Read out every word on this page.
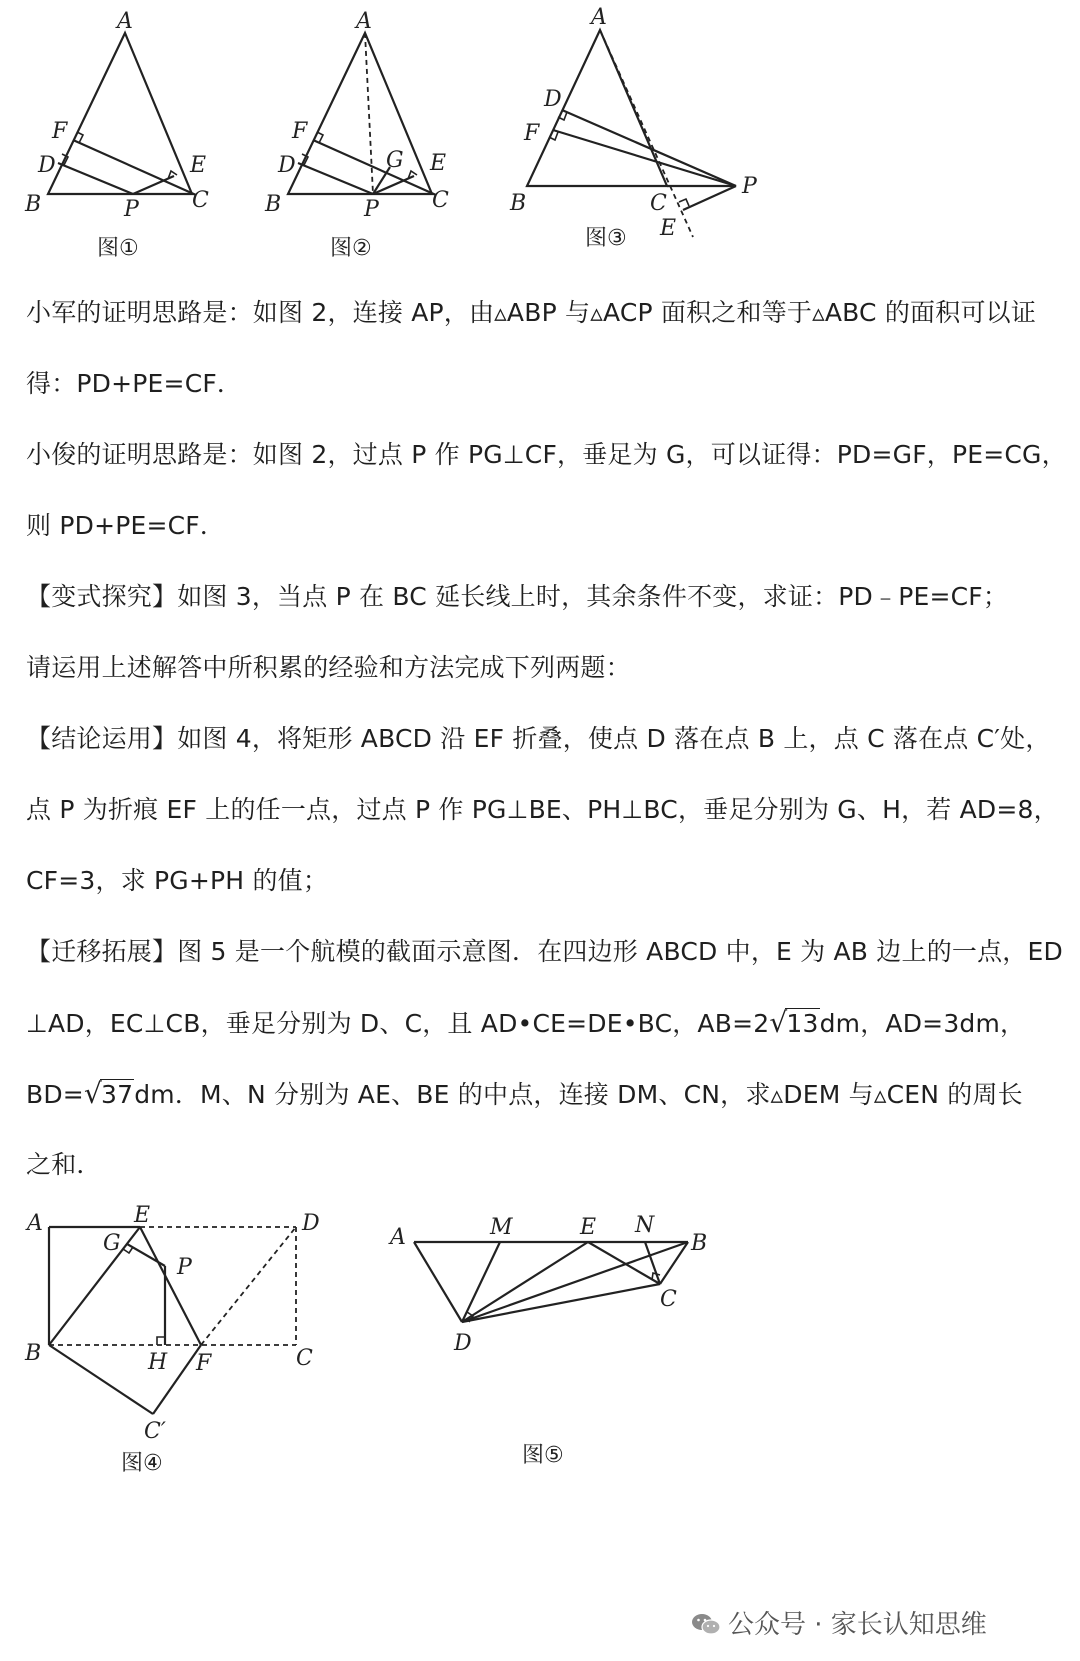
A
B	C
D	E
F
P
图①
A
B	C
D	E
F
G
P
图②
A
B	C
D
E
F
P
图③
小军的证明思路是：如图 2，连接 AP，由▵ABP 与▵ACP 面积之和等于▵ABC 的面积可以证
得：PD+PE=CF．
小俊的证明思路是：如图 2，过点 P 作 PG⊥CF，垂足为 G，可以证得：PD=GF，PE=CG，
则 PD+PE=CF．
【变式探究】如图 3，当点 P 在 BC 延长线上时，其余条件不变，求证：PD﹣PE=CF；
请运用上述解答中所积累的经验和方法完成下列两题：
【结论运用】如图 4，将矩形 ABCD 沿 EF 折叠，使点 D 落在点 B 上，点 C 落在点 C′处，
点 P 为折痕 EF 上的任一点，过点 P 作 PG⊥BE、PH⊥BC，垂足分别为 G、H，若 AD=8，
CF=3，求 PG+PH 的值；
【迁移拓展】图 5 是一个航模的截面示意图．在四边形 ABCD 中，E 为 AB 边上的一点，ED
⊥AD，EC⊥CB，垂足分别为 D、C，且 AD•CE=DE•BC，AB=2√13dm，AD=3dm，
BD=√37dm．M、N 分别为 AE、BE 的中点，连接 DM、CN，求▵DEM 与▵CEN 的周长
之和．
A	E	D
G
P
B	H F	C
C′
图④
A	M	E N
B
C
D
图⑤
公众号 · 家长认知思维
